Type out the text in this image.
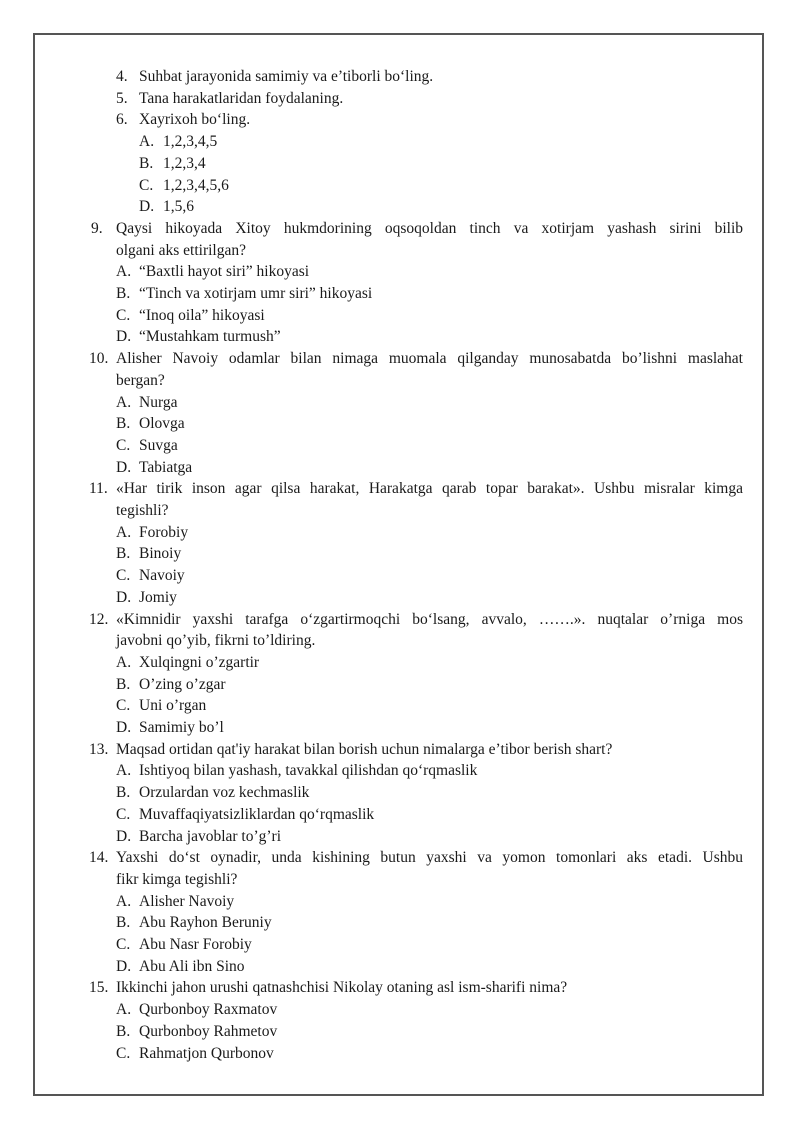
4. Suhbat jarayonida samimiy va e’tiborli bo‘ling.
5. Tana harakatlaridan foydalaning.
6. Xayrixoh bo‘ling.
A. 1,2,3,4,5
B. 1,2,3,4
C. 1,2,3,4,5,6
D. 1,5,6
9. Qaysi hikoyada Xitoy hukmdorining oqsoqoldan tinch va xotirjam yashash sirini bilib
olgani aks ettirilgan?
A. “Baxtli hayot siri” hikoyasi
B. “Tinch va xotirjam umr siri” hikoyasi
C. “Inoq oila” hikoyasi
D. “Mustahkam turmush”
10. Alisher Navoiy odamlar bilan nimaga muomala qilganday munosabatda bo’lishni maslahat
bergan?
A. Nurga
B. Olovga
C. Suvga
D. Tabiatga
11. «Har tirik inson agar qilsa harakat, Harakatga qarab topar barakat». Ushbu misralar kimga
tegishli?
A. Forobiy
B. Binoiy
C. Navoiy
D. Jomiy
12. «Kimnidir yaxshi tarafga o‘zgartirmoqchi bo‘lsang, avvalo, …….». nuqtalar o’rniga mos
javobni qo’yib, fikrni to’ldiring.
A. Xulqingni o’zgartir
B. O’zing o’zgar
C. Uni o’rgan
D. Samimiy bo’l
13. Maqsad ortidan qat'iy harakat bilan borish uchun nimalarga e’tibor berish shart?
A. Ishtiyoq bilan yashash, tavakkal qilishdan qo‘rqmaslik
B. Orzulardan voz kechmaslik
C. Muvaffaqiyatsizliklardan qo‘rqmaslik
D. Barcha javoblar to’g’ri
14. Yaxshi do‘st oynadir, unda kishining butun yaxshi va yomon tomonlari aks etadi. Ushbu
fikr kimga tegishli?
A. Alisher Navoiy
B. Abu Rayhon Beruniy
C. Abu Nasr Forobiy
D. Abu Ali ibn Sino
15. Ikkinchi jahon urushi qatnashchisi Nikolay otaning asl ism-sharifi nima?
A. Qurbonboy Raxmatov
B. Qurbonboy Rahmetov
C. Rahmatjon Qurbonov
